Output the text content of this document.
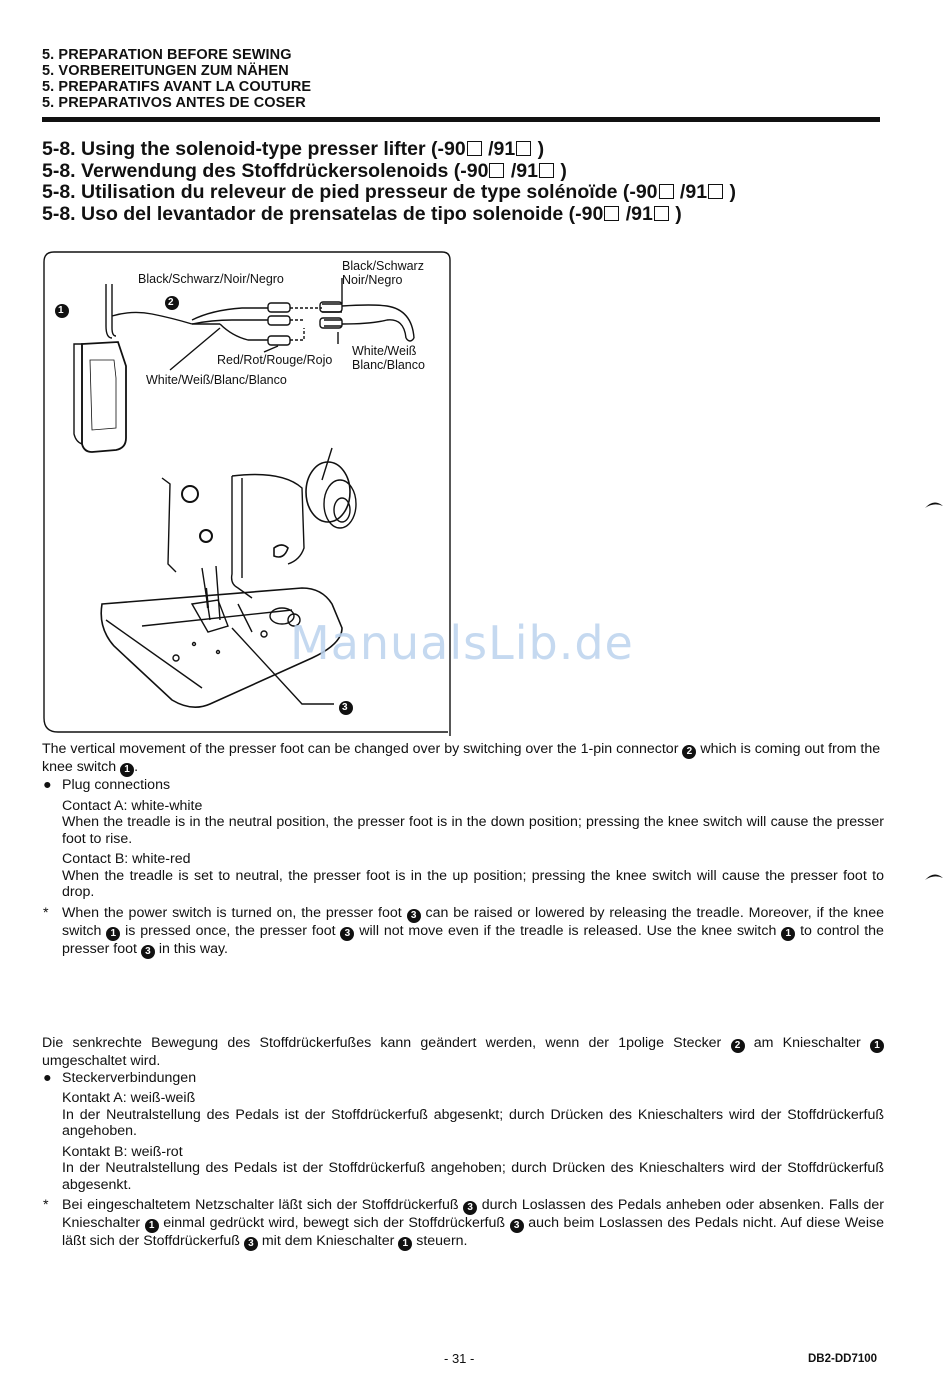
5. PREPARATION BEFORE SEWING
5. VORBEREITUNGEN ZUM NÄHEN
5. PREPARATIFS AVANT LA COUTURE
5. PREPARATIVOS ANTES DE COSER
5-8. Using the solenoid-type presser lifter (-90 /91 )
5-8. Verwendung des Stoffdrückersolenoids (-90 /91 )
5-8. Utilisation du releveur de pied presseur de type solénoïde (-90 /91 )
5-8. Uso del levantador de prensatelas de tipo solenoide (-90 /91 )
1
2
3
Black/Schwarz/Noir/Negro
Black/Schwarz
Noir/Negro
White/Weiß
Blanc/Blanco
Red/Rot/Rouge/Rojo
White/Weiß/Blanc/Blanco
ManualsLib.de

The vertical movement of the presser foot can be changed over by switching over the 1-pin connector 2 which is coming out from the knee switch 1 .

● Plug connections

Contact A: white-white

When the treadle is in the neutral position, the presser foot is in the down position; pressing the knee switch will cause the presser foot to rise.

Contact B: white-red

When the treadle is set to neutral, the presser foot is in the up position; pressing the knee switch will cause the presser foot to drop.

* When the power switch is turned on, the presser foot 3 can be raised or lowered by releasing the treadle. Moreover, if the knee switch 1 is pressed once, the presser foot 3 will not move even if the treadle is released. Use the knee switch 1 to control the presser foot 3 in this way.

Die senkrechte Bewegung des Stoffdrückerfußes kann geändert werden, wenn der 1polige Stecker 2 am Knieschalter 1 umgeschaltet wird.

● Steckerverbindungen

Kontakt A: weiß-weiß

In der Neutralstellung des Pedals ist der Stoffdrückerfuß abgesenkt; durch Drücken des Knieschalters wird der Stoffdrückerfuß angehoben.

Kontakt B: weiß-rot

In der Neutralstellung des Pedals ist der Stoffdrückerfuß angehoben; durch Drücken des Knieschalters wird der Stoffdrückerfuß abgesenkt.

* Bei eingeschaltetem Netzschalter läßt sich der Stoffdrückerfuß 3 durch Loslassen des Pedals anheben oder absenken. Falls der Knieschalter 1 einmal gedrückt wird, bewegt sich der Stoffdrückerfuß 3 auch beim Loslassen des Pedals nicht. Auf diese Weise läßt sich der Stoffdrückerfuß 3 mit dem Knieschalter 1 steuern.

- 31 -	DB2-DD7100
